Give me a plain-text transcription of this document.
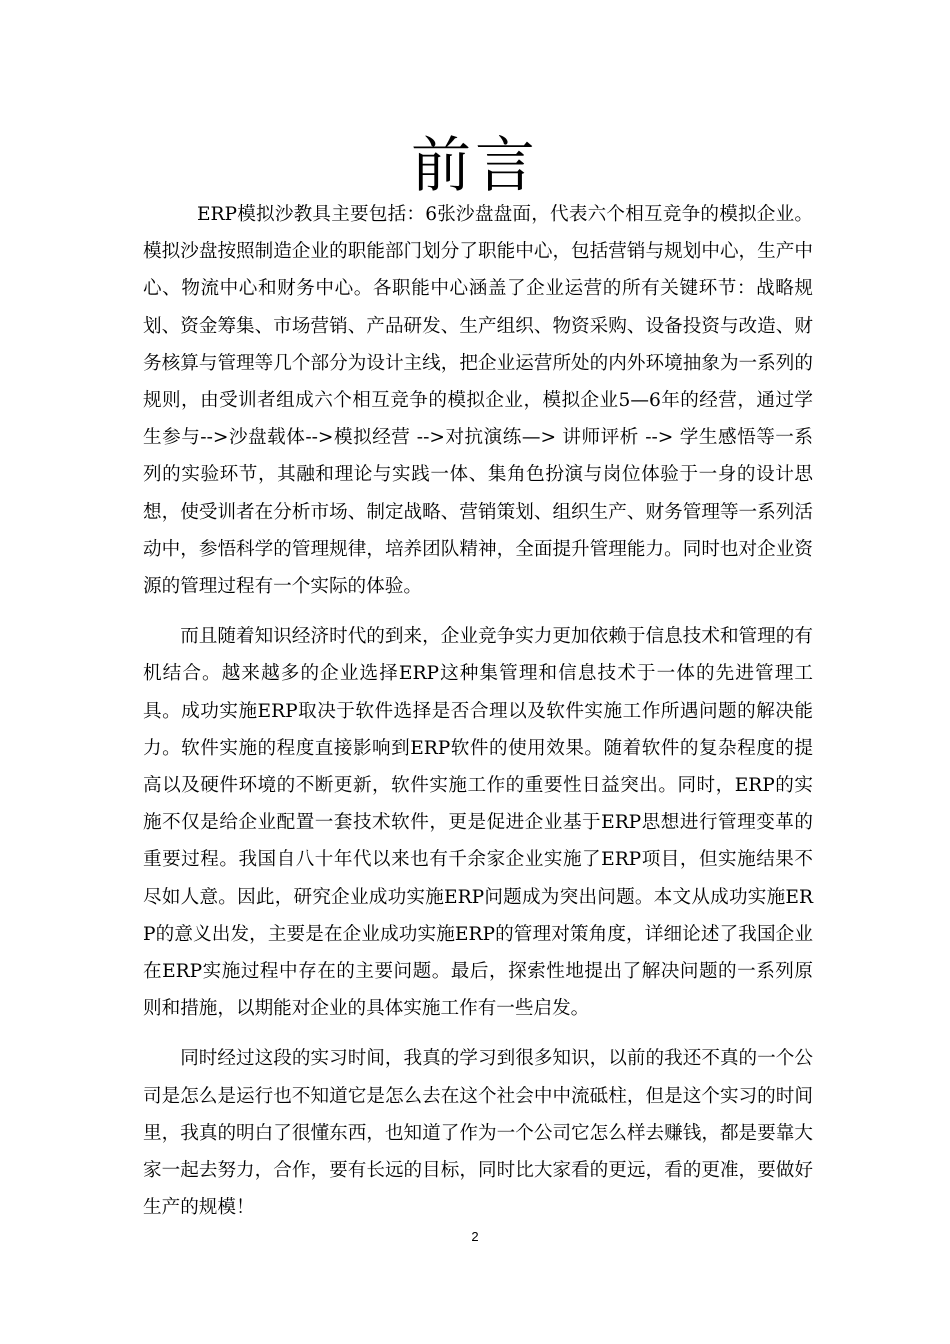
前言

ERP模拟沙教具主要包括：6张沙盘盘面，代表六个相互竞争的模拟企业。模拟沙盘按照制造企业的职能部门划分了职能中心，包括营销与规划中心，生产中心、物流中心和财务中心。各职能中心涵盖了企业运营的所有关键环节：战略规划、资金筹集、市场营销、产品研发、生产组织、物资采购、设备投资与改造、财务核算与管理等几个部分为设计主线，把企业运营所处的内外环境抽象为一系列的规则，由受训者组成六个相互竞争的模拟企业，模拟企业5—6年的经营，通过学生参与-->沙盘载体-->模拟经营 -->对抗演练—> 讲师评析 --> 学生感悟等一系列的实验环节，其融和理论与实践一体、集角色扮演与岗位体验于一身的设计思想，使受训者在分析市场、制定战略、营销策划、组织生产、财务管理等一系列活动中，参悟科学的管理规律，培养团队精神，全面提升管理能力。同时也对企业资源的管理过程有一个实际的体验。

而且随着知识经济时代的到来，企业竞争实力更加依赖于信息技术和管理的有机结合。越来越多的企业选择ERP这种集管理和信息技术于一体的先进管理工具。成功实施ERP取决于软件选择是否合理以及软件实施工作所遇问题的解决能力。软件实施的程度直接影响到ERP软件的使用效果。随着软件的复杂程度的提高以及硬件环境的不断更新，软件实施工作的重要性日益突出。同时，ERP的实施不仅是给企业配置一套技术软件，更是促进企业基于ERP思想进行管理变革的重要过程。我国自八十年代以来也有千余家企业实施了ERP项目，但实施结果不尽如人意。因此，研究企业成功实施ERP问题成为突出问题。本文从成功实施ERP的意义出发，主要是在企业成功实施ERP的管理对策角度，详细论述了我国企业在ERP实施过程中存在的主要问题。最后，探索性地提出了解决问题的一系列原则和措施，以期能对企业的具体实施工作有一些启发。

同时经过这段的实习时间，我真的学习到很多知识，以前的我还不真的一个公司是怎么是运行也不知道它是怎么去在这个社会中中流砥柱，但是这个实习的时间里，我真的明白了很懂东西，也知道了作为一个公司它怎么样去赚钱，都是要靠大家一起去努力，合作，要有长远的目标，同时比大家看的更远，看的更准，要做好生产的规模！

2
